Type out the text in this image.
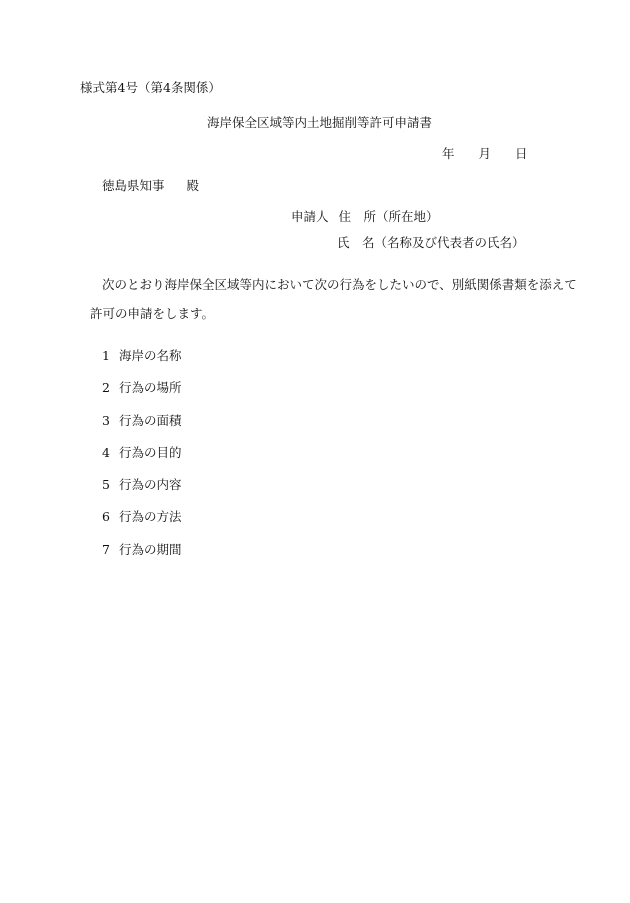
様式第4号（第4条関係）
海岸保全区域等内土地掘削等許可申請書
年 月 日
徳島県知事 殿
申請人 住　所（所在地）
氏　名（名称及び代表者の氏名）
次のとおり海岸保全区域等内において次の行為をしたいので、別紙関係書類を添えて
許可の申請をします。
1 海岸の名称
2 行為の場所
3 行為の面積
4 行為の目的
5 行為の内容
6 行為の方法
7 行為の期間
